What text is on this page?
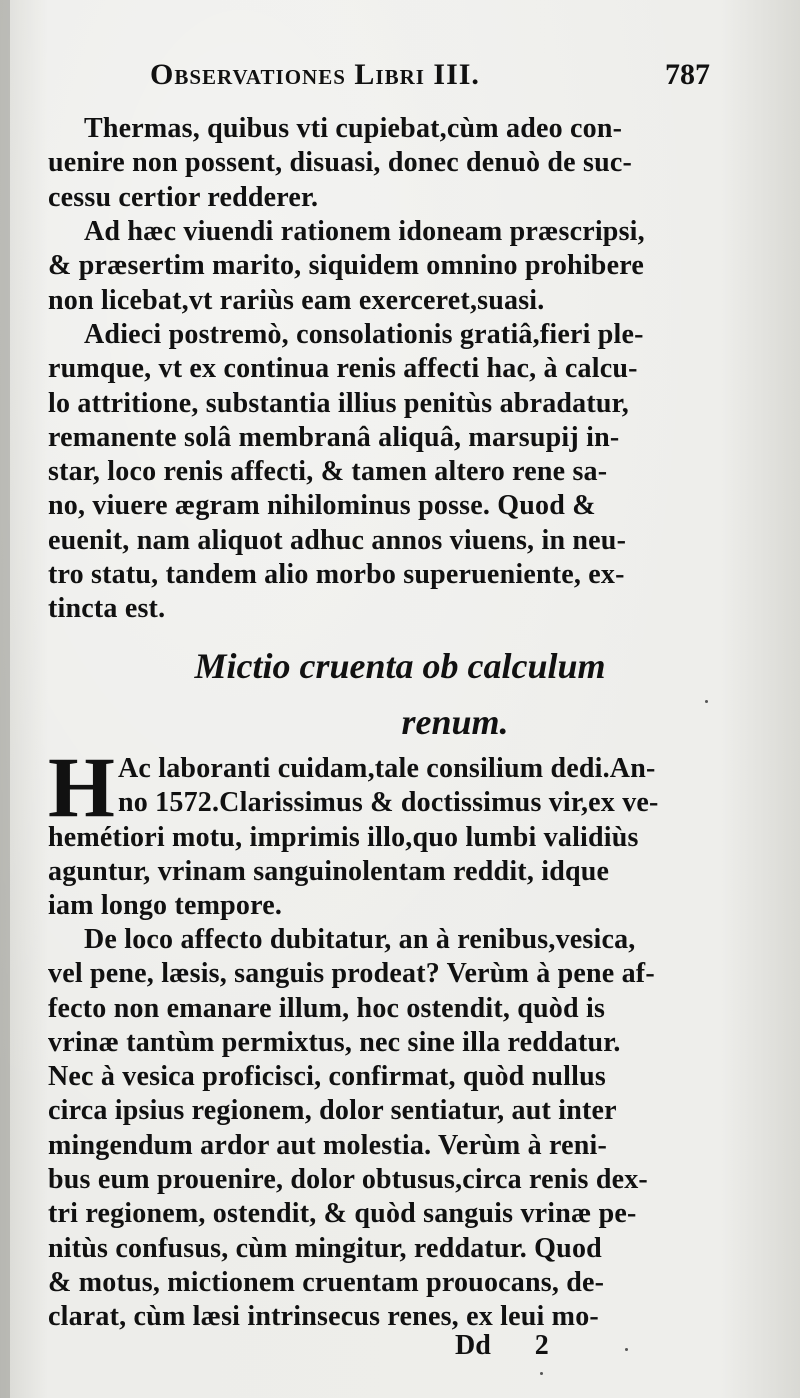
Observationes Libri III.	787
Thermas, quibus vti cupiebat,cùm adeo con-
uenire non possent, disuasi, donec denuò de suc-
cessu certior redderer.
Ad hæc viuendi rationem idoneam præscripsi,
& præsertim marito, siquidem omnino prohibere
non licebat,vt rariùs eam exerceret,suasi.
Adieci postremò, consolationis gratiâ,fieri ple-
rumque, vt ex continua renis affecti hac, à calcu-
lo attritione, substantia illius penitùs abradatur,
remanente solâ membranâ aliquâ, marsupij in-
star, loco renis affecti, & tamen altero rene sa-
no, viuere ægram nihilominus posse. Quod &
euenit, nam aliquot adhuc annos viuens, in neu-
tro statu, tandem alio morbo superueniente, ex-
tincta est.
Mictio cruenta ob calculum
renum.
H Ac laboranti cuidam,tale consilium dedi.An-
no 1572.Clarissimus & doctissimus vir,ex ve-
hemétiori motu, imprimis illo,quo lumbi validiùs
aguntur, vrinam sanguinolentam reddit, idque
iam longo tempore.
De loco affecto dubitatur, an à renibus,vesica,
vel pene, læsis, sanguis prodeat? Verùm à pene af-
fecto non emanare illum, hoc ostendit, quòd is
vrinæ tantùm permixtus, nec sine illa reddatur.
Nec à vesica proficisci, confirmat, quòd nullus
circa ipsius regionem, dolor sentiatur, aut inter
mingendum ardor aut molestia. Verùm à reni-
bus eum prouenire, dolor obtusus,circa renis dex-
tri regionem, ostendit, & quòd sanguis vrinæ pe-
nitùs confusus, cùm mingitur, reddatur. Quod
& motus, mictionem cruentam prouocans, de-
clarat, cùm læsi intrinsecus renes, ex leui mo-
Dd 2
